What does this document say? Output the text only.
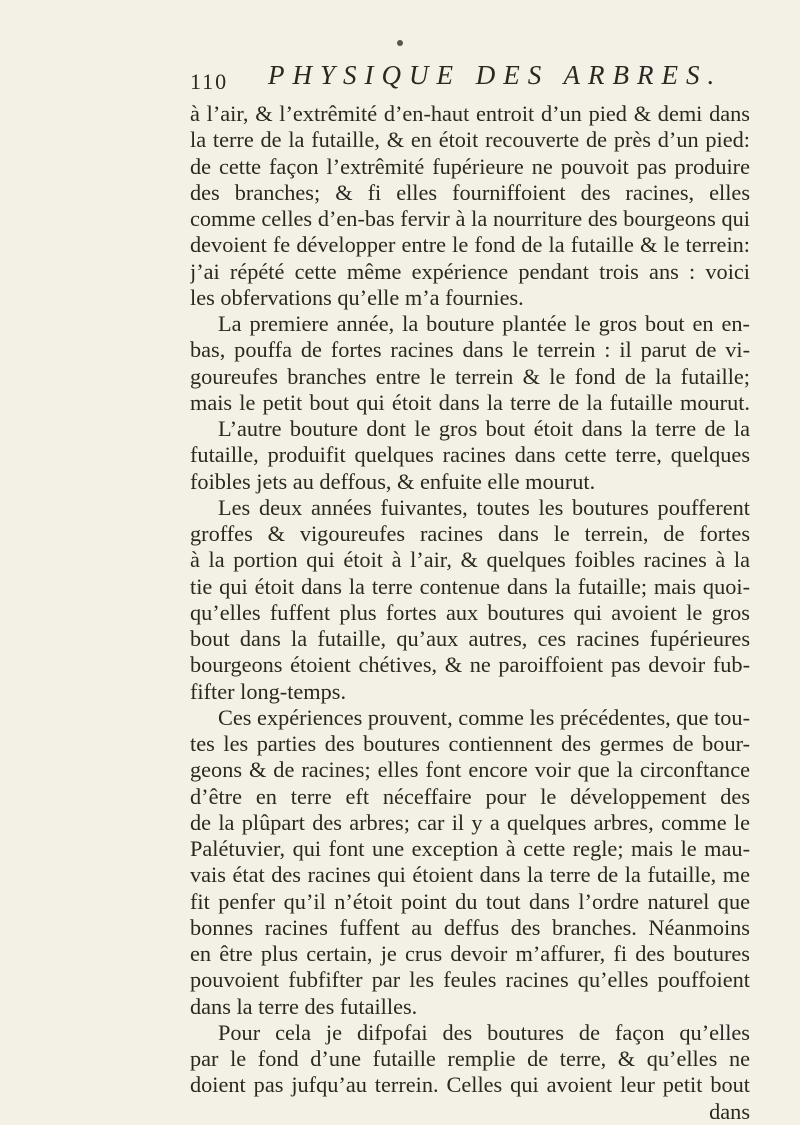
110 PHYSIQUE DES ARBRES.
à l’air, & l’extrêmité d’en-haut entroit d’un pied & demi dans
la terre de la futaille, & en étoit recouverte de près d’un pied:
de cette façon l’extrêmité fupérieure ne pouvoit pas produire
des branches; & fi elles fourniffoient des racines, elles
comme celles d’en-bas fervir à la nourriture des bourgeons qui
devoient fe développer entre le fond de la futaille & le terrein:
j’ai répété cette même expérience pendant trois ans : voici
les obfervations qu’elle m’a fournies.
La premiere année, la bouture plantée le gros bout en en-
bas, pouffa de fortes racines dans le terrein : il parut de vi-
goureufes branches entre le terrein & le fond de la futaille;
mais le petit bout qui étoit dans la terre de la futaille mourut.
L’autre bouture dont le gros bout étoit dans la terre de la
futaille, produifit quelques racines dans cette terre, quelques
foibles jets au deffous, & enfuite elle mourut.
Les deux années fuivantes, toutes les boutures poufferent
groffes & vigoureufes racines dans le terrein, de fortes
à la portion qui étoit à l’air, & quelques foibles racines à la
tie qui étoit dans la terre contenue dans la futaille; mais quoi-
qu’elles fuffent plus fortes aux boutures qui avoient le gros
bout dans la futaille, qu’aux autres, ces racines fupérieures
bourgeons étoient chétives, & ne paroiffoient pas devoir fub-
fifter long-temps.
Ces expériences prouvent, comme les précédentes, que tou-
tes les parties des boutures contiennent des germes de bour-
geons & de racines; elles font encore voir que la circonftance
d’être en terre eft néceffaire pour le développement des
de la plûpart des arbres; car il y a quelques arbres, comme le
Palétuvier, qui font une exception à cette regle; mais le mau-
vais état des racines qui étoient dans la terre de la futaille, me
fit penfer qu’il n’étoit point du tout dans l’ordre naturel que
bonnes racines fuffent au deffus des branches. Néanmoins
en être plus certain, je crus devoir m’affurer, fi des boutures
pouvoient fubfifter par les feules racines qu’elles pouffoient
dans la terre des futailles.
Pour cela je difpofai des boutures de façon qu’elles
par le fond d’une futaille remplie de terre, & qu’elles ne
doient pas jufqu’au terrein. Celles qui avoient leur petit bout
dans
